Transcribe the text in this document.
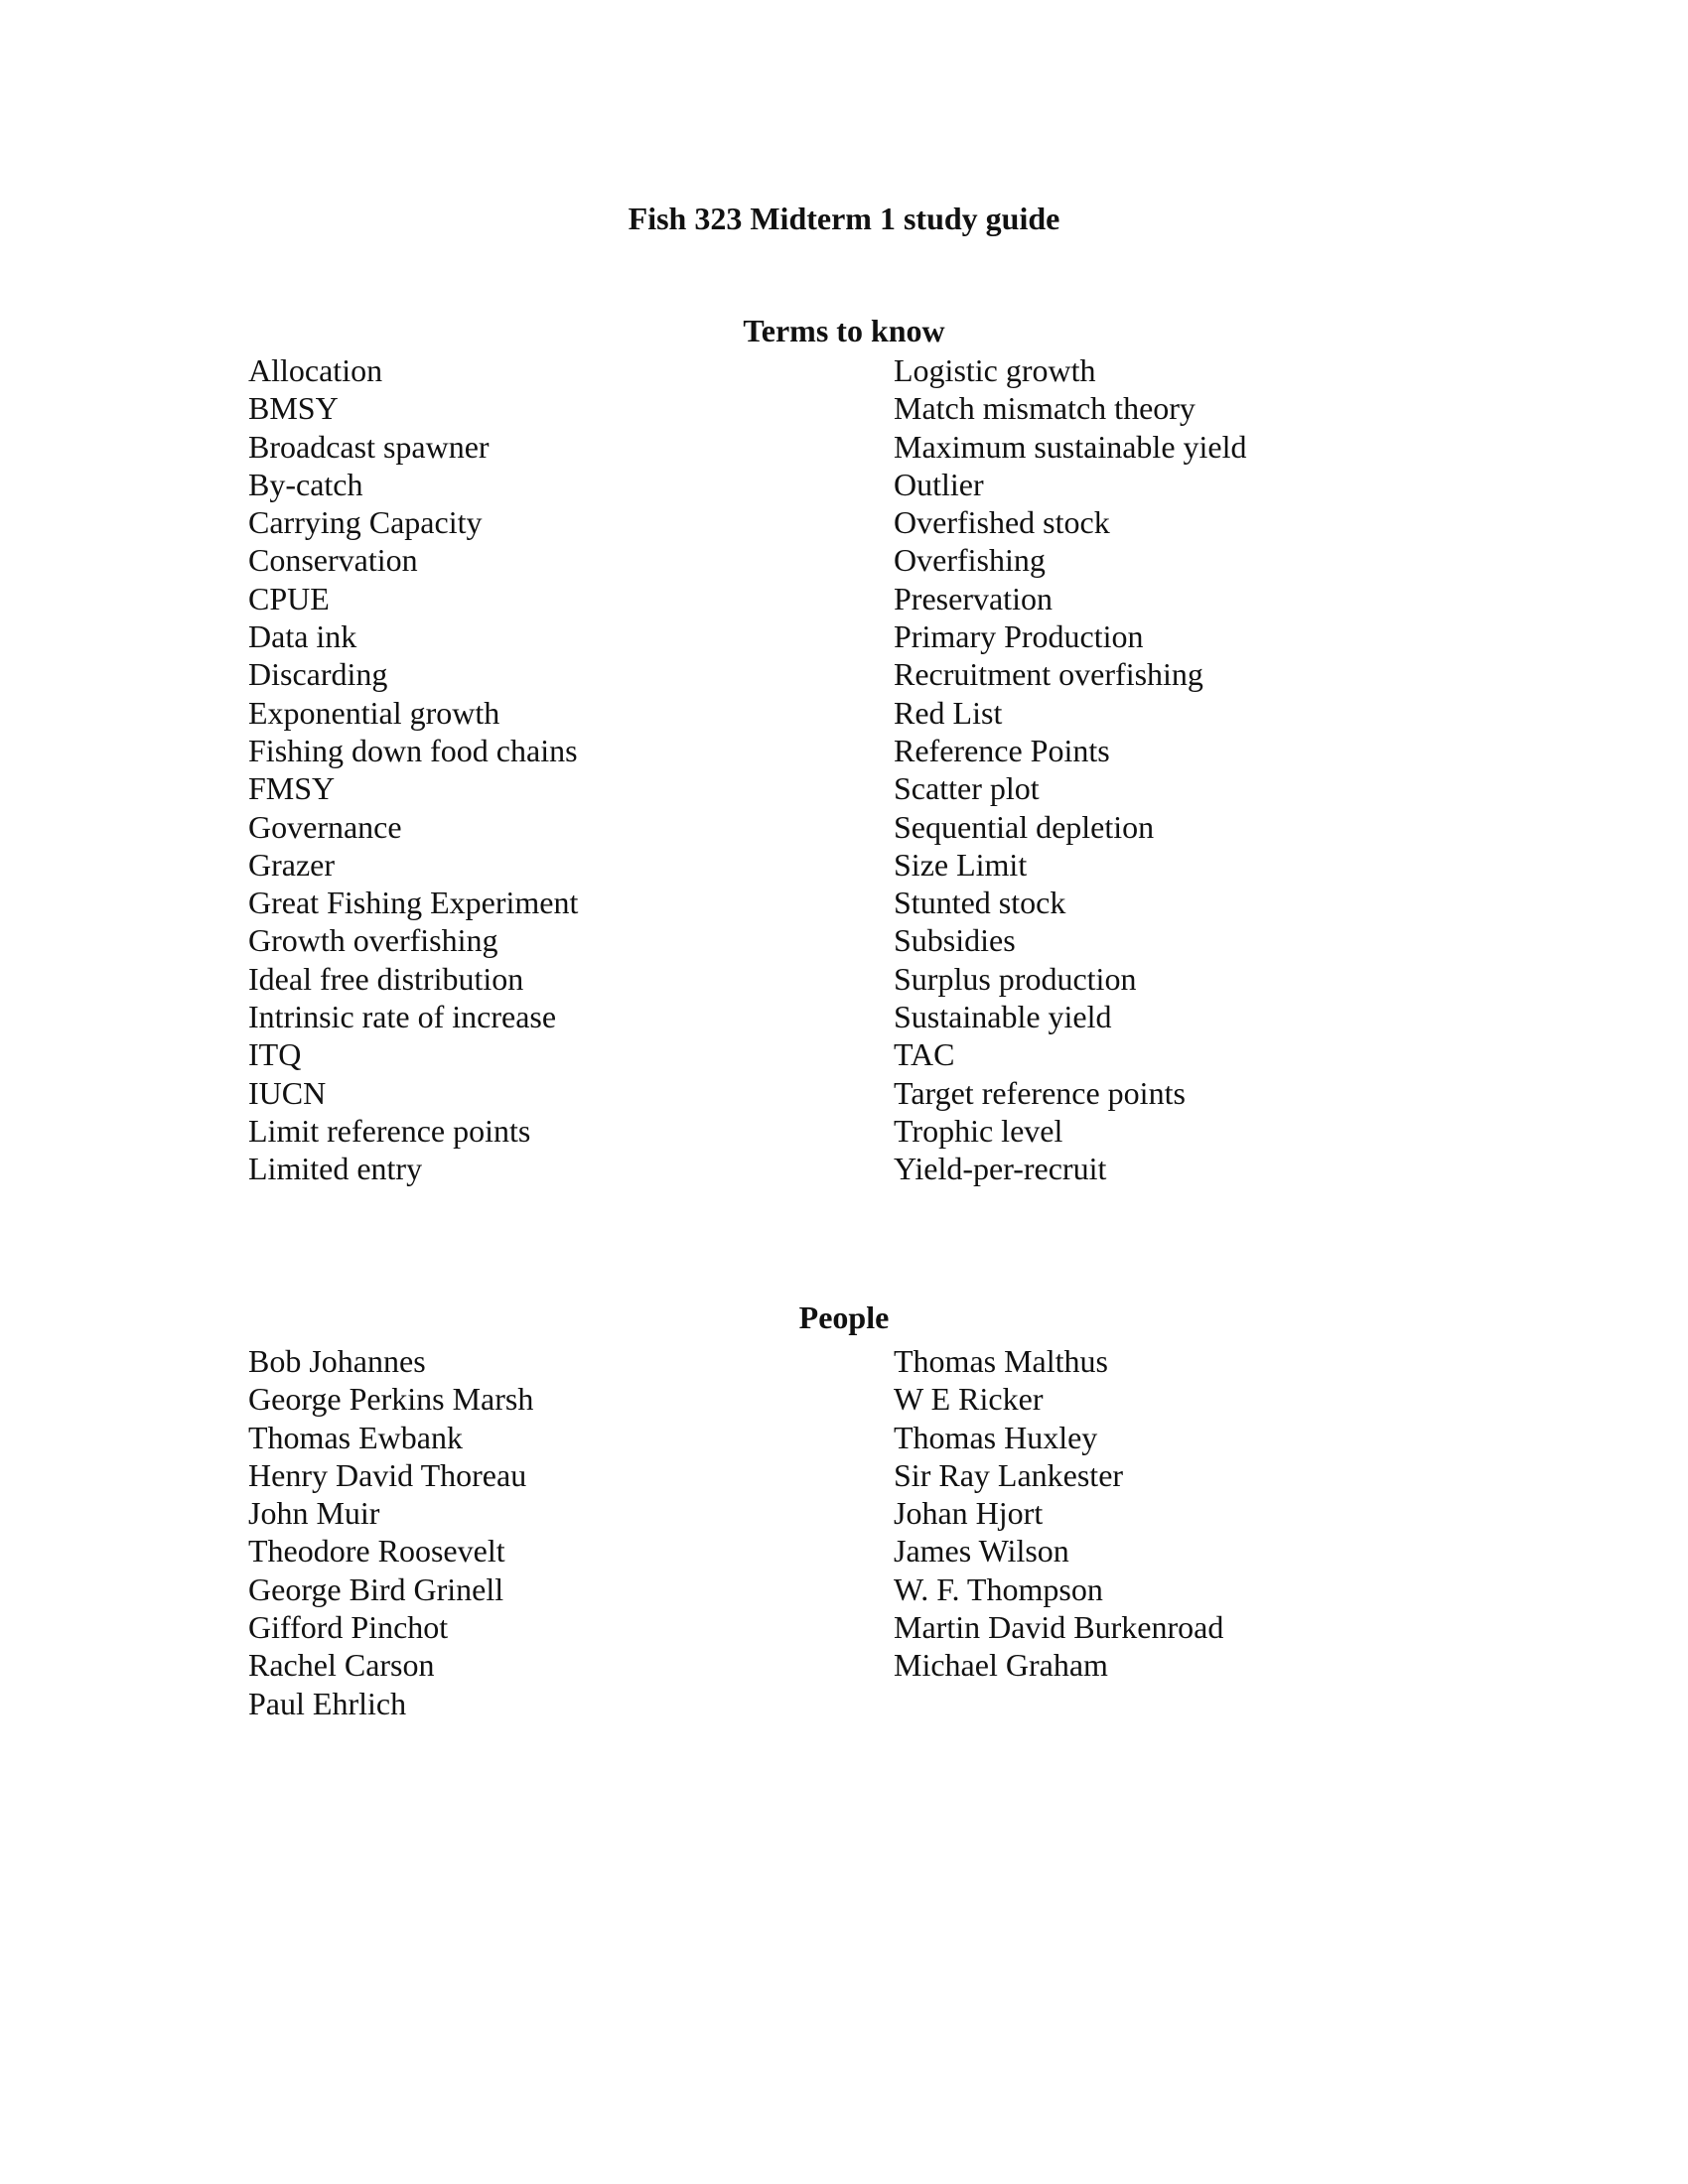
Fish 323 Midterm 1 study guide
Terms to know
Allocation
BMSY
Broadcast spawner
By-catch
Carrying Capacity
Conservation
CPUE
Data ink
Discarding
Exponential growth
Fishing down food chains
FMSY
Governance
Grazer
Great Fishing Experiment
Growth overfishing
Ideal free distribution
Intrinsic rate of increase
ITQ
IUCN
Limit reference points
Limited entry
Logistic growth
Match mismatch theory
Maximum sustainable yield
Outlier
Overfished stock
Overfishing
Preservation
Primary Production
Recruitment overfishing
Red List
Reference Points
Scatter plot
Sequential depletion
Size Limit
Stunted stock
Subsidies
Surplus production
Sustainable yield
TAC
Target reference points
Trophic level
Yield-per-recruit
People
Bob Johannes
George Perkins Marsh
Thomas Ewbank
Henry David Thoreau
John Muir
Theodore Roosevelt
George Bird Grinell
Gifford Pinchot
Rachel Carson
Paul Ehrlich
Thomas Malthus
W E Ricker
Thomas Huxley
Sir Ray Lankester
Johan Hjort
James Wilson
W. F. Thompson
Martin David Burkenroad
Michael Graham
